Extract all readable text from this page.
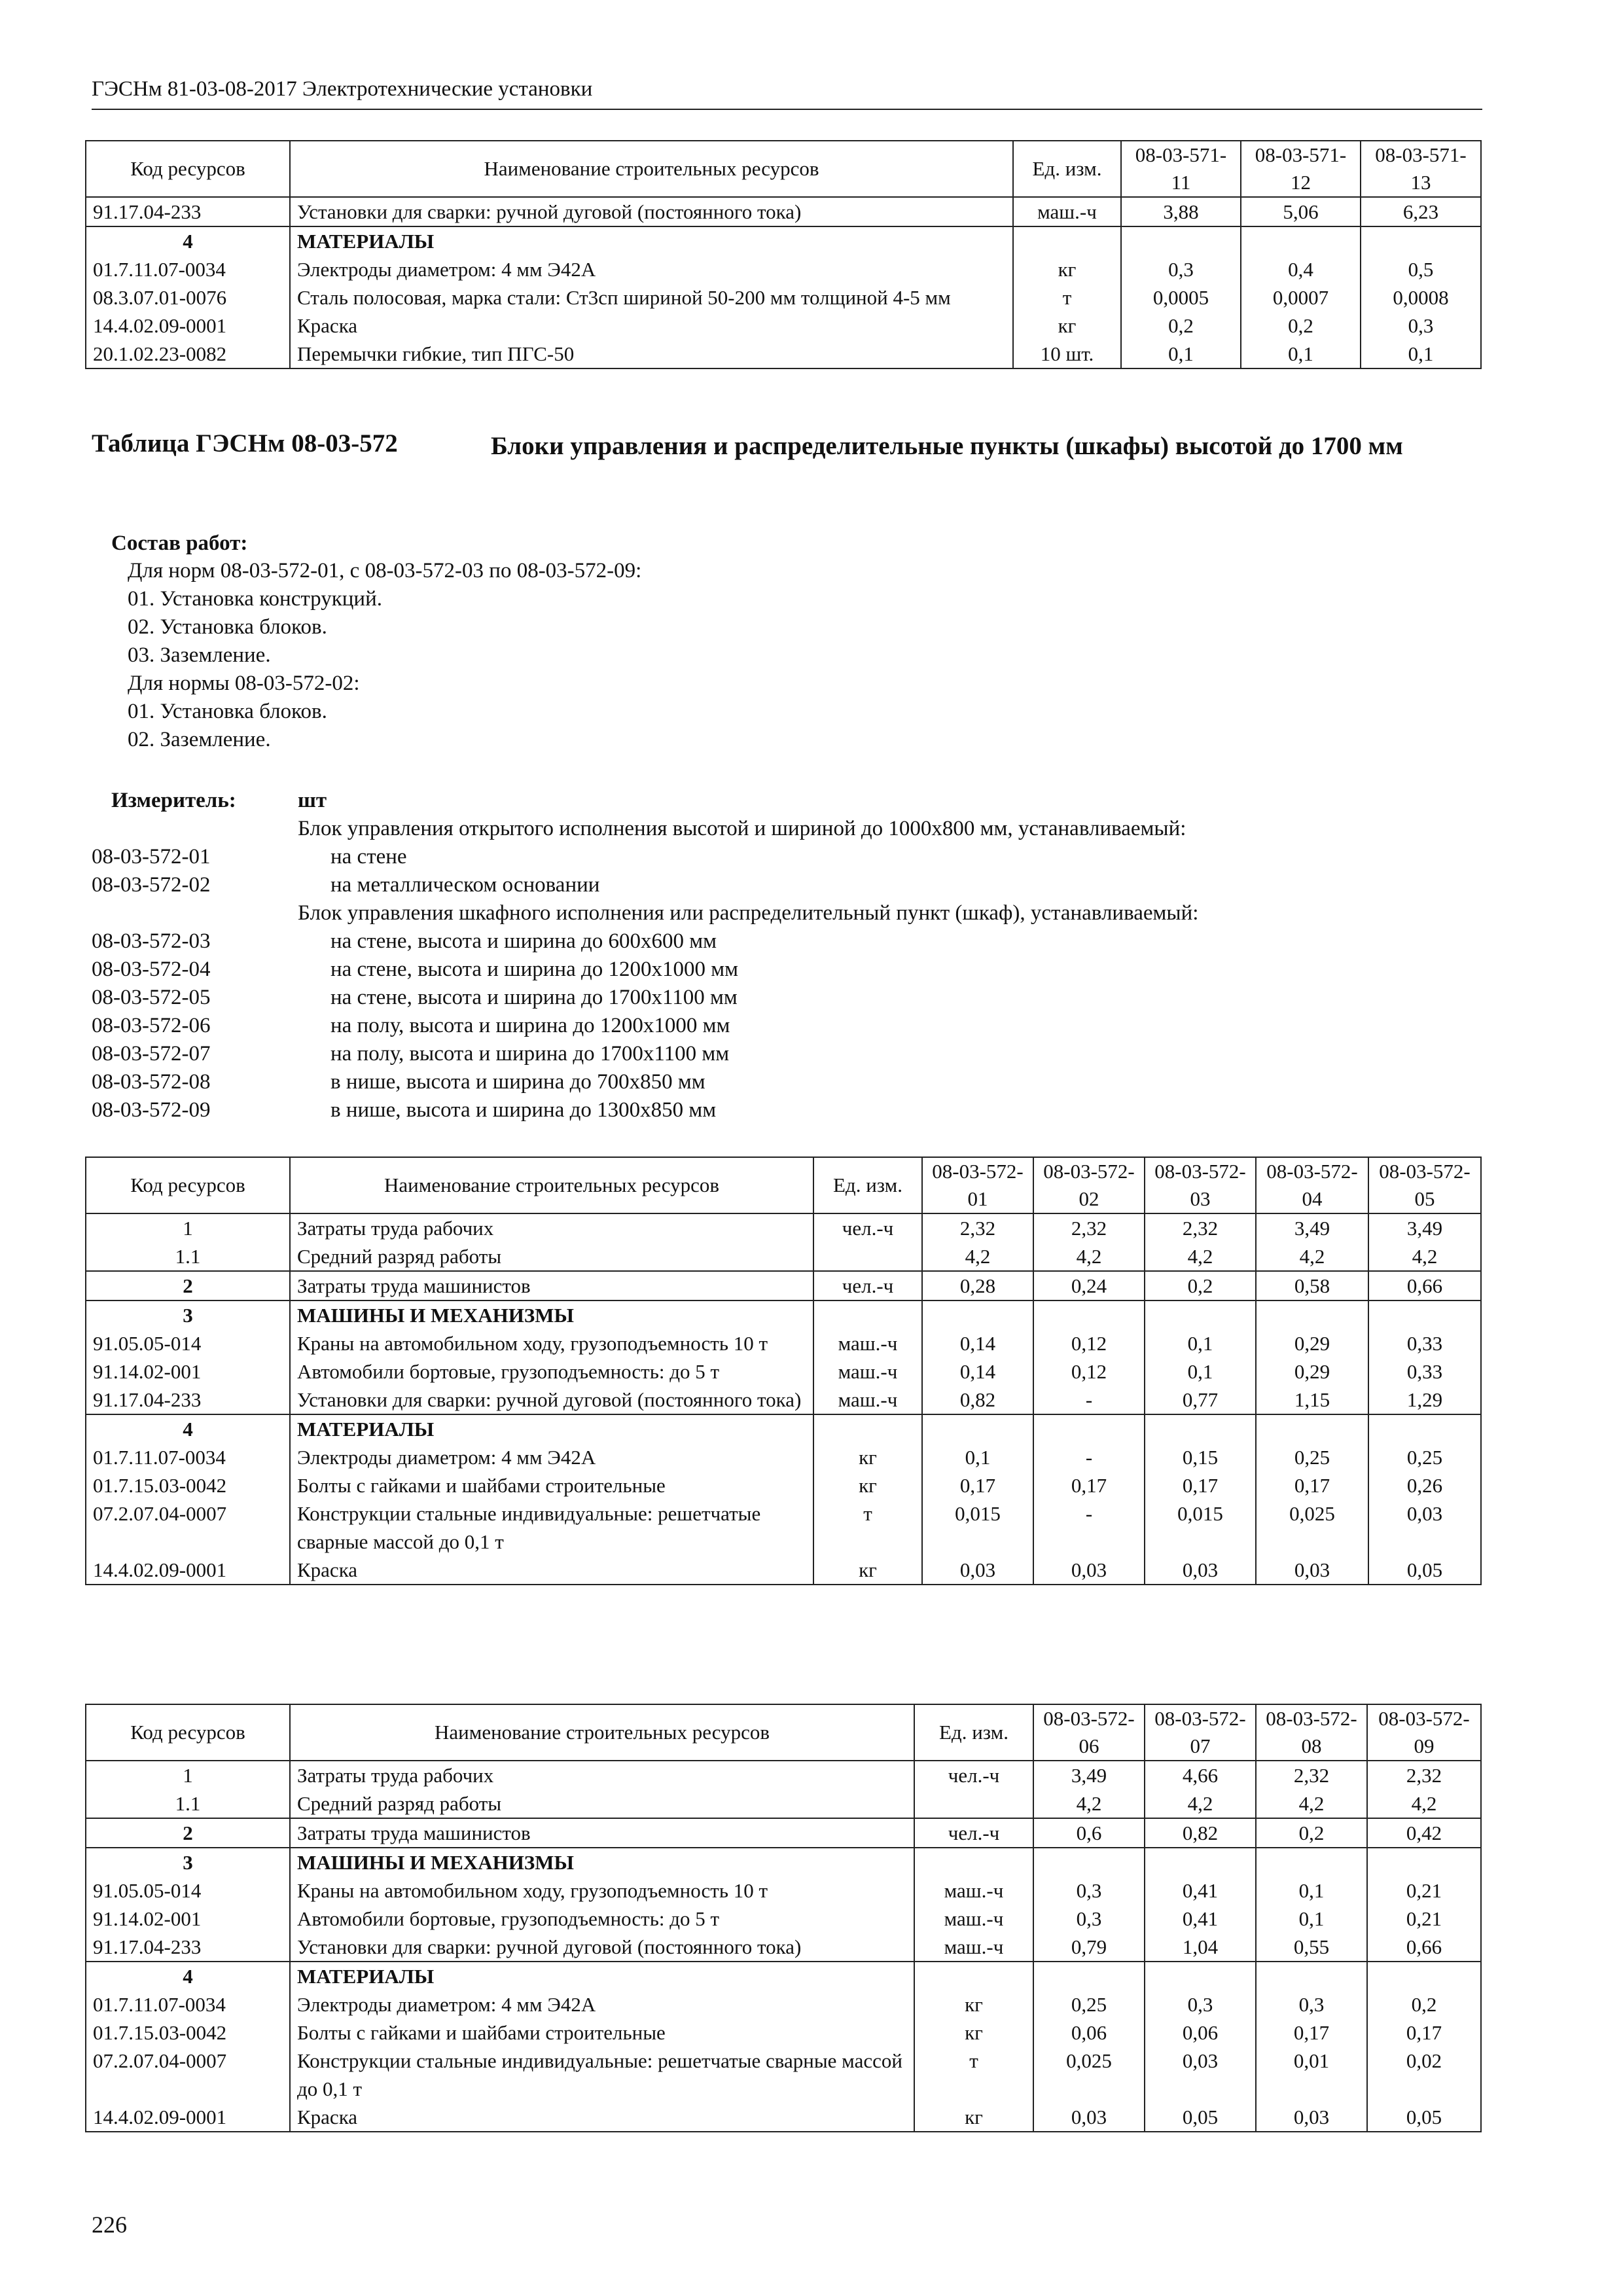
ГЭСНм 81-03-08-2017 Электротехнические установки
Код ресурсов	Наименование строительных ресурсов	Ед. изм.	08-03-571-11	08-03-571-12	08-03-571-13
91.17.04-233	Установки для сварки: ручной дуговой (постоянного тока)	маш.-ч	3,88	5,06	6,23
4	МАТЕРИАЛЫ				
01.7.11.07-0034	Электроды диаметром: 4 мм Э42А	кг	0,3	0,4	0,5
08.3.07.01-0076	Сталь полосовая, марка стали: Ст3сп шириной 50-200 мм толщиной 4-5 мм	т	0,0005	0,0007	0,0008
14.4.02.09-0001	Краска	кг	0,2	0,2	0,3
20.1.02.23-0082	Перемычки гибкие, тип ПГС-50	10 шт.	0,1	0,1	0,1
Таблица ГЭСНм 08-03-572	Блоки управления и распределительные пункты (шкафы) высотой до 1700 мм
Состав работ:
Для норм 08-03-572-01, с 08-03-572-03 по 08-03-572-09:
01. Установка конструкций.
02. Установка блоков.
03. Заземление.
Для нормы 08-03-572-02:
01. Установка блоков.
02. Заземление.
Измеритель:	шт
Блок управления открытого исполнения высотой и шириной до 1000х800 мм, устанавливаемый:
08-03-572-01	на стене
08-03-572-02	на металлическом основании
Блок управления шкафного исполнения или распределительный пункт (шкаф), устанавливаемый:
08-03-572-03	на стене, высота и ширина до 600х600 мм
08-03-572-04	на стене, высота и ширина до 1200х1000 мм
08-03-572-05	на стене, высота и ширина до 1700х1100 мм
08-03-572-06	на полу, высота и ширина до 1200х1000 мм
08-03-572-07	на полу, высота и ширина до 1700х1100 мм
08-03-572-08	в нише, высота и ширина до 700х850 мм
08-03-572-09	в нише, высота и ширина до 1300х850 мм
Код ресурсов	Наименование строительных ресурсов	Ед. изм.	08-03-572-01	08-03-572-02	08-03-572-03	08-03-572-04	08-03-572-05
1	Затраты труда рабочих	чел.-ч	2,32	2,32	2,32	3,49	3,49
1.1	Средний разряд работы		4,2	4,2	4,2	4,2	4,2
2	Затраты труда машинистов	чел.-ч	0,28	0,24	0,2	0,58	0,66
3	МАШИНЫ И МЕХАНИЗМЫ						
91.05.05-014	Краны на автомобильном ходу, грузоподъемность 10 т	маш.-ч	0,14	0,12	0,1	0,29	0,33
91.14.02-001	Автомобили бортовые, грузоподъемность: до 5 т	маш.-ч	0,14	0,12	0,1	0,29	0,33
91.17.04-233	Установки для сварки: ручной дуговой (постоянного тока)	маш.-ч	0,82	-	0,77	1,15	1,29
4	МАТЕРИАЛЫ						
01.7.11.07-0034	Электроды диаметром: 4 мм Э42А	кг	0,1	-	0,15	0,25	0,25
01.7.15.03-0042	Болты с гайками и шайбами строительные	кг	0,17	0,17	0,17	0,17	0,26
07.2.07.04-0007	Конструкции стальные индивидуальные: решетчатые сварные массой до 0,1 т	т	0,015	-	0,015	0,025	0,03
14.4.02.09-0001	Краска	кг	0,03	0,03	0,03	0,03	0,05
Код ресурсов	Наименование строительных ресурсов	Ед. изм.	08-03-572-06	08-03-572-07	08-03-572-08	08-03-572-09
1	Затраты труда рабочих	чел.-ч	3,49	4,66	2,32	2,32
1.1	Средний разряд работы		4,2	4,2	4,2	4,2
2	Затраты труда машинистов	чел.-ч	0,6	0,82	0,2	0,42
3	МАШИНЫ И МЕХАНИЗМЫ					
91.05.05-014	Краны на автомобильном ходу, грузоподъемность 10 т	маш.-ч	0,3	0,41	0,1	0,21
91.14.02-001	Автомобили бортовые, грузоподъемность: до 5 т	маш.-ч	0,3	0,41	0,1	0,21
91.17.04-233	Установки для сварки: ручной дуговой (постоянного тока)	маш.-ч	0,79	1,04	0,55	0,66
4	МАТЕРИАЛЫ					
01.7.11.07-0034	Электроды диаметром: 4 мм Э42А	кг	0,25	0,3	0,3	0,2
01.7.15.03-0042	Болты с гайками и шайбами строительные	кг	0,06	0,06	0,17	0,17
07.2.07.04-0007	Конструкции стальные индивидуальные: решетчатые сварные массой до 0,1 т	т	0,025	0,03	0,01	0,02
14.4.02.09-0001	Краска	кг	0,03	0,05	0,03	0,05
226
